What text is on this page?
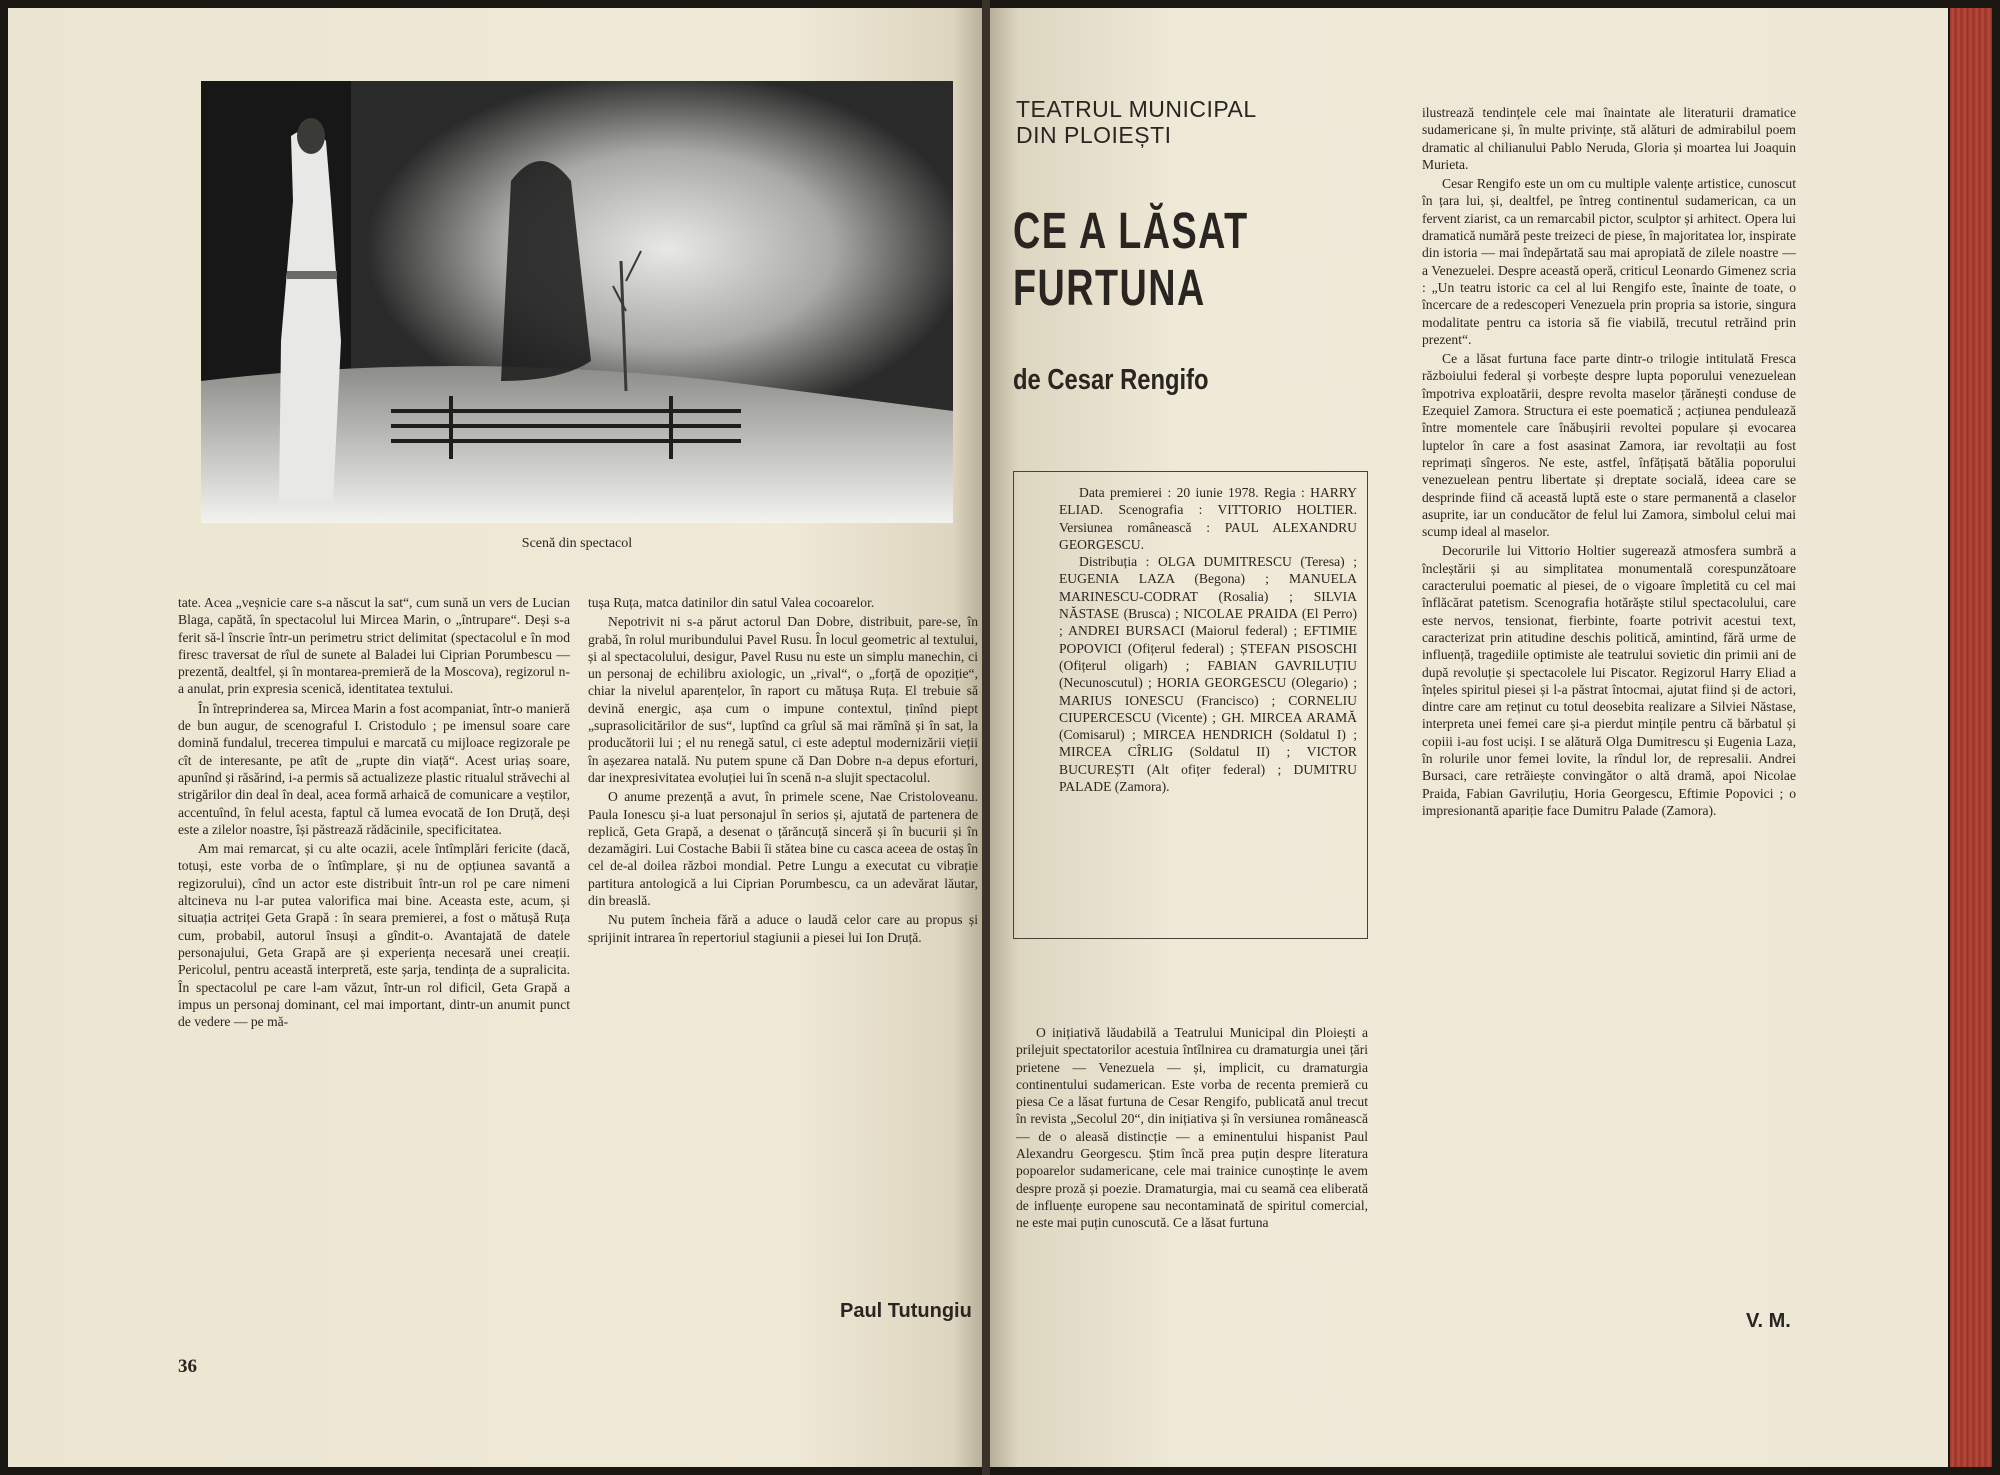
Scenă din spectacol

tate. Acea „veșnicie care s-a născut la sat“, cum sună un vers de Lucian Blaga, capătă, în spectacolul lui Mircea Marin, o „întrupare“. Deși s-a ferit să-l înscrie într-un perimetru strict delimitat (spectacolul e în mod firesc traversat de rîul de sunete al Baladei lui Ciprian Porumbescu — prezentă, dealtfel, și în montarea-premieră de la Moscova), regizorul n-a anulat, prin expresia scenică, identitatea textului.

În întreprinderea sa, Mircea Marin a fost acompaniat, într-o manieră de bun augur, de scenograful I. Cristodulo ; pe imensul soare care domină fundalul, trecerea timpului e marcată cu mijloace regizorale pe cît de interesante, pe atît de „rupte din viață“. Acest uriaș soare, apunînd și răsărind, i-a permis să actualizeze plastic ritualul străvechi al strigărilor din deal în deal, acea formă arhaică de comunicare a veștilor, accentuînd, în felul acesta, faptul că lumea evocată de Ion Druță, deși este a zilelor noastre, își păstrează rădăcinile, specificitatea.

Am mai remarcat, și cu alte ocazii, acele întîmplări fericite (dacă, totuși, este vorba de o întîmplare, și nu de opțiunea savantă a regizorului), cînd un actor este distribuit într-un rol pe care nimeni altcineva nu l-ar putea valorifica mai bine. Aceasta este, acum, și situația actriței Geta Grapă : în seara premierei, a fost o mătușă Ruța cum, probabil, autorul însuși a gîndit-o. Avantajată de datele personajului, Geta Grapă are și experiența necesară unei creații. Pericolul, pentru această interpretă, este șarja, tendința de a supralicita. În spectacolul pe care l-am văzut, într-un rol dificil, Geta Grapă a impus un personaj dominant, cel mai important, dintr-un anumit punct de vedere — pe mă-

tușa Ruța, matca datinilor din satul Valea cocoarelor.

Nepotrivit ni s-a părut actorul Dan Dobre, distribuit, pare-se, în grabă, în rolul muribundului Pavel Rusu. În locul geometric al textului, și al spectacolului, desigur, Pavel Rusu nu este un simplu manechin, ci un personaj de echilibru axiologic, un „rival“, o „forță de opoziție“, chiar la nivelul aparențelor, în raport cu mătușa Ruța. El trebuie să devină energic, așa cum o impune contextul, ținînd piept „suprasolicitărilor de sus“, luptînd ca grîul să mai rămînă și în sat, la producătorii lui ; el nu renegă satul, ci este adeptul modernizării vieții în așezarea natală. Nu putem spune că Dan Dobre n-a depus eforturi, dar inexpresivitatea evoluției lui în scenă n-a slujit spectacolul.

O anume prezență a avut, în primele scene, Nae Cristoloveanu. Paula Ionescu și-a luat personajul în serios și, ajutată de partenera de replică, Geta Grapă, a desenat o țărăncuță sinceră și în bucurii și în dezamăgiri. Lui Costache Babii îi stătea bine cu casca aceea de ostaș în cel de-al doilea război mondial. Petre Lungu a executat cu vibrație partitura antologică a lui Ciprian Porumbescu, ca un adevărat lăutar, din breaslă.

Nu putem încheia fără a aduce o laudă celor care au propus și sprijinit intrarea în repertoriul stagiunii a piesei lui Ion Druță.

Paul Tutungiu
36
TEATRUL MUNICIPAL
DIN PLOIEȘTI
CE A LĂSAT
FURTUNA
de Cesar Rengifo

Data premierei : 20 iunie 1978. Regia : HARRY ELIAD. Scenografia : VITTORIO HOLTIER. Versiunea românească : PAUL ALEXANDRU GEORGESCU.

Distribuția : OLGA DUMITRESCU (Teresa) ; EUGENIA LAZA (Begona) ; MANUELA MARINESCU-CODRAT (Rosalia) ; SILVIA NĂSTASE (Brusca) ; NICOLAE PRAIDA (El Perro) ; ANDREI BURSACI (Maiorul federal) ; EFTIMIE POPOVICI (Ofițerul federal) ; ȘTEFAN PISOSCHI (Ofițerul oligarh) ; FABIAN GAVRILUȚIU (Necunoscutul) ; HORIA GEORGESCU (Olegario) ; MARIUS IONESCU (Francisco) ; CORNELIU CIUPERCESCU (Vicente) ; GH. MIRCEA ARAMĂ (Comisarul) ; MIRCEA HENDRICH (Soldatul I) ; MIRCEA CÎRLIG (Soldatul II) ; VICTOR BUCUREȘTI (Alt ofițer federal) ; DUMITRU PALADE (Zamora).

O inițiativă lăudabilă a Teatrului Municipal din Ploiești a prilejuit spectatorilor acestuia întîlnirea cu dramaturgia unei țări prietene — Venezuela — și, implicit, cu dramaturgia continentului sudamerican. Este vorba de recenta premieră cu piesa Ce a lăsat furtuna de Cesar Rengifo, publicată anul trecut în revista „Secolul 20“, din inițiativa și în versiunea românească — de o aleasă distincție — a eminentului hispanist Paul Alexandru Georgescu. Știm încă prea puțin despre literatura popoarelor sudamericane, cele mai trainice cunoștințe le avem despre proză și poezie. Dramaturgia, mai cu seamă cea eliberată de influențe europene sau necontaminată de spiritul comercial, ne este mai puțin cunoscută. Ce a lăsat furtuna

ilustrează tendințele cele mai înaintate ale literaturii dramatice sudamericane și, în multe privințe, stă alături de admirabilul poem dramatic al chilianului Pablo Neruda, Gloria și moartea lui Joaquin Murieta.

Cesar Rengifo este un om cu multiple valențe artistice, cunoscut în țara lui, și, dealtfel, pe întreg continentul sudamerican, ca un fervent ziarist, ca un remarcabil pictor, sculptor și arhitect. Opera lui dramatică numără peste treizeci de piese, în majoritatea lor, inspirate din istoria — mai îndepărtată sau mai apropiată de zilele noastre — a Venezuelei. Despre această operă, criticul Leonardo Gimenez scria : „Un teatru istoric ca cel al lui Rengifo este, înainte de toate, o încercare de a redescoperi Venezuela prin propria sa istorie, singura modalitate pentru ca istoria să fie viabilă, trecutul retrăind prin prezent“.

Ce a lăsat furtuna face parte dintr-o trilogie intitulată Fresca războiului federal și vorbește despre lupta poporului venezuelean împotriva exploatării, despre revolta maselor țărănești conduse de Ezequiel Zamora. Structura ei este poematică ; acțiunea pendulează între momentele care înăbușirii revoltei populare și evocarea luptelor în care a fost asasinat Zamora, iar revoltații au fost reprimați sîngeros. Ne este, astfel, înfățișată bătălia poporului venezuelean pentru libertate și dreptate socială, ideea care se desprinde fiind că această luptă este o stare permanentă a claselor asuprite, iar un conducător de felul lui Zamora, simbolul celui mai scump ideal al maselor.

Decorurile lui Vittorio Holtier sugerează atmosfera sumbră a încleștării și au simplitatea monumentală corespunzătoare caracterului poematic al piesei, de o vigoare împletită cu cel mai înflăcărat patetism. Scenografia hotărăște stilul spectacolului, care este nervos, tensionat, fierbinte, foarte potrivit acestui text, caracterizat prin atitudine deschis politică, amintind, fără urme de influență, tragediile optimiste ale teatrului sovietic din primii ani de după revoluție și spectacolele lui Piscator. Regizorul Harry Eliad a înțeles spiritul piesei și l-a păstrat întocmai, ajutat fiind și de actori, dintre care am reținut cu totul deosebita realizare a Silviei Năstase, interpreta unei femei care și-a pierdut mințile pentru că bărbatul și copiii i-au fost uciși. I se alătură Olga Dumitrescu și Eugenia Laza, în rolurile unor femei lovite, la rîndul lor, de represalii. Andrei Bursaci, care retrăiește convingător o altă dramă, apoi Nicolae Praida, Fabian Gavriluțiu, Horia Georgescu, Eftimie Popovici ; o impresionantă apariție face Dumitru Palade (Zamora).

V. M.
